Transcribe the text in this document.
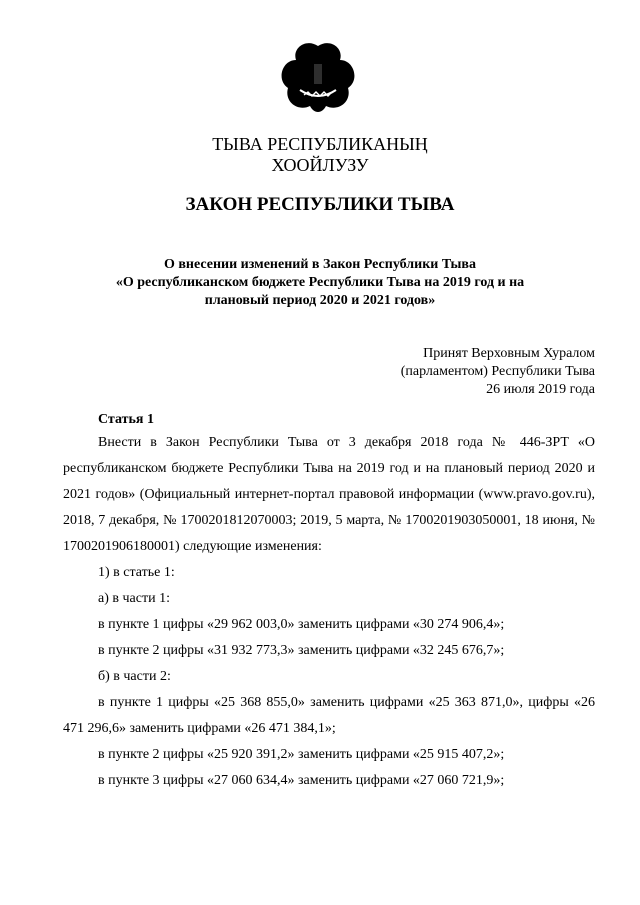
ТЫВА РЕСПУБЛИКАНЫҢ
ХООЙЛУЗУ
ЗАКОН РЕСПУБЛИКИ ТЫВА
О внесении изменений в Закон Республики Тыва
«О республиканском бюджете Республики Тыва на 2019 год и на
плановый период 2020 и 2021 годов»
Принят Верховным Хуралом
(парламентом) Республики Тыва
26 июля 2019 года
Статья 1

Внести в Закон Республики Тыва от 3 декабря 2018 года № 446-ЗРТ «О республиканском бюджете Республики Тыва на 2019 год и на плановый период 2020 и 2021 годов» (Официальный интернет-портал правовой информации (www.pravo.gov.ru), 2018, 7 декабря, № 1700201812070003; 2019, 5 марта, № 1700201903050001, 18 июня, № 1700201906180001) следующие изменения:

1) в статье 1:

а) в части 1:

в пункте 1 цифры «29 962 003,0» заменить цифрами «30 274 906,4»;

в пункте 2 цифры «31 932 773,3» заменить цифрами «32 245 676,7»;

б) в части 2:

в пункте 1 цифры «25 368 855,0» заменить цифрами «25 363 871,0», цифры «26 471 296,6» заменить цифрами «26 471 384,1»;

в пункте 2 цифры «25 920 391,2» заменить цифрами «25 915 407,2»;

в пункте 3 цифры «27 060 634,4» заменить цифрами «27 060 721,9»;
